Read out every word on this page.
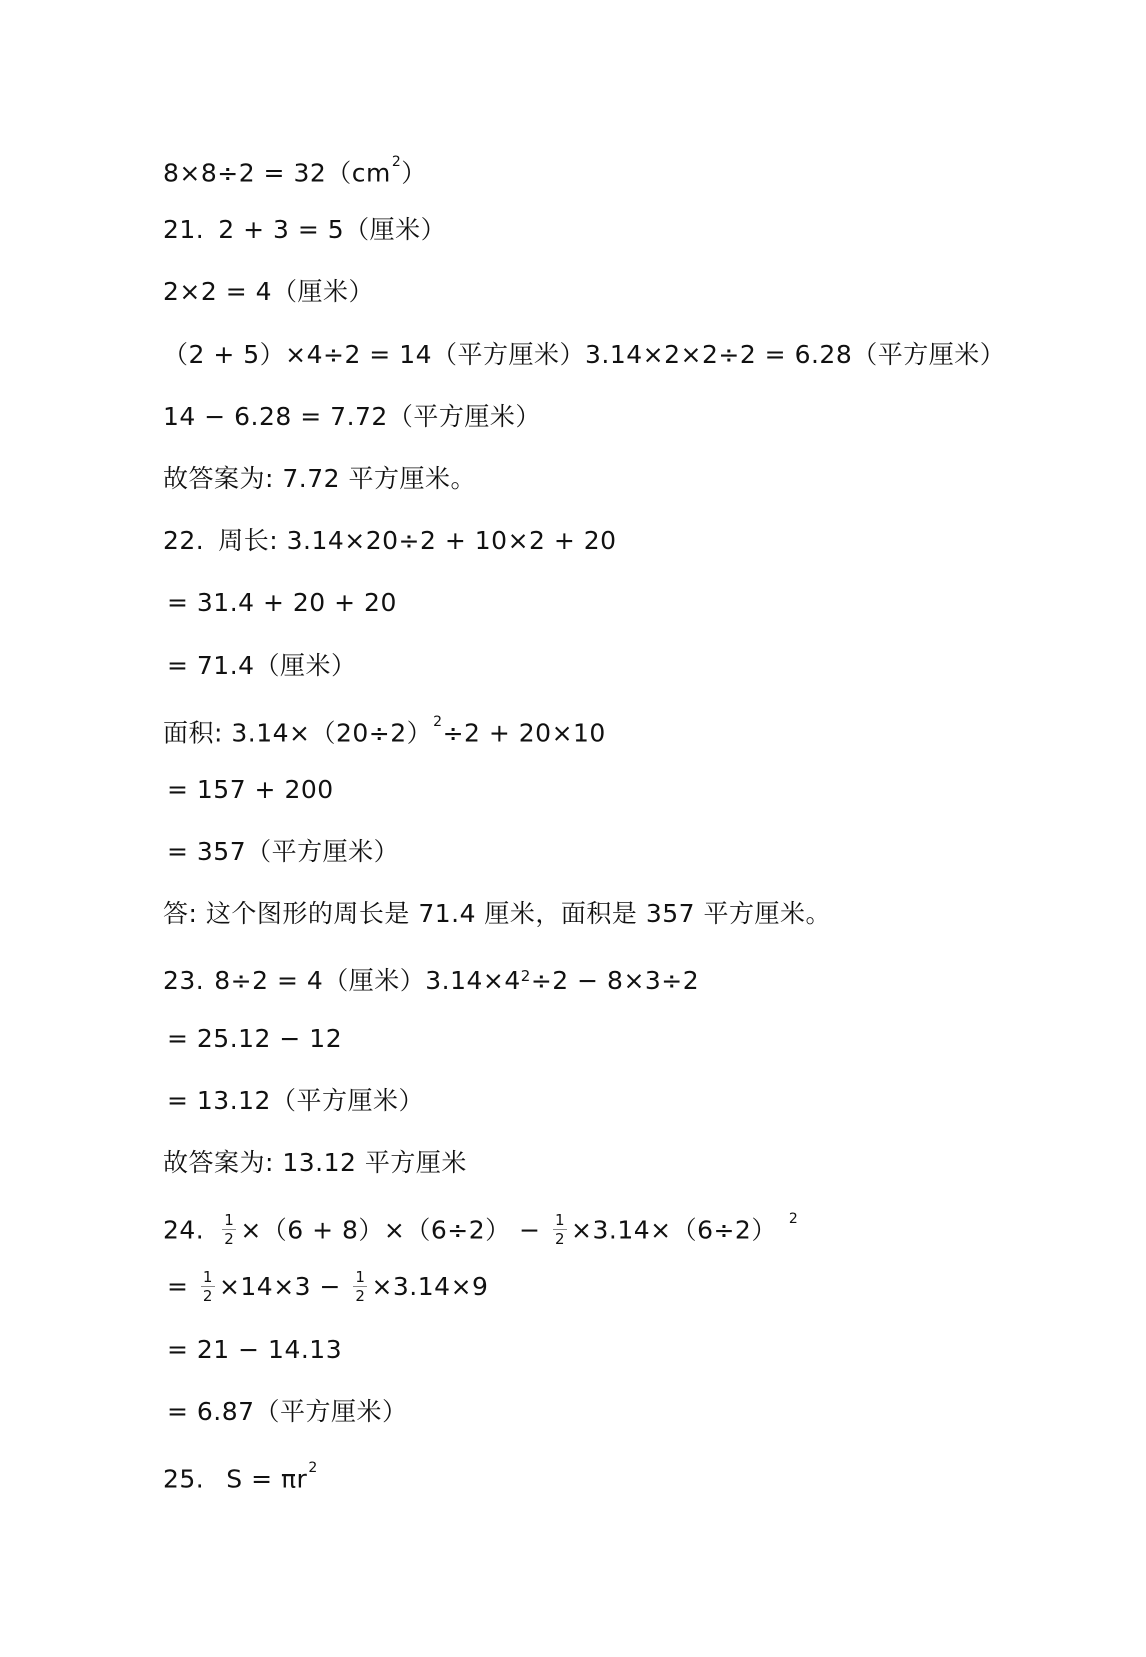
$8\times 8\div 2 = 32(cm^2)$
21. 2 + 3 = 5（厘米）
2×2 = 4（厘米）
（2 + 5）×4÷2 = 14（平方厘米）3.14×2×2÷2 = 6.28（平方厘米）
14 − 6.28 = 7.72（平方厘米）
故答案为: 7.72 平方厘米。
22. 周长: 3.14×20÷2 + 10×2 + 20
= 31.4 + 20 + 20
= 71.4（厘米）
面积: $3.14\times(20\div 2)^2\div 2 + 20\times 10$
= 157 + 200
= 357（平方厘米）
答: 这个图形的周长是 71.4 厘米，面积是 357 平方厘米。
23. 8÷2 = 4（厘米）$3.14\times 4^2\div 2 - 8\times 3\div 2$
= 25.12 − 12
= 13.12（平方厘米）
故答案为: 13.12 平方厘米
24. $\frac{1}{2} \times(6 + 8)\times(6\div 2) - \frac{1}{2} \times 3.14\times(6\div 2)$ $^2$
= $\frac{1}{2} \times 14\times 3 - \frac{1}{2} \times 3.14\times 9$
= 21 − 14.13
= 6.87（平方厘米）
25. $S = \pi r^2$
